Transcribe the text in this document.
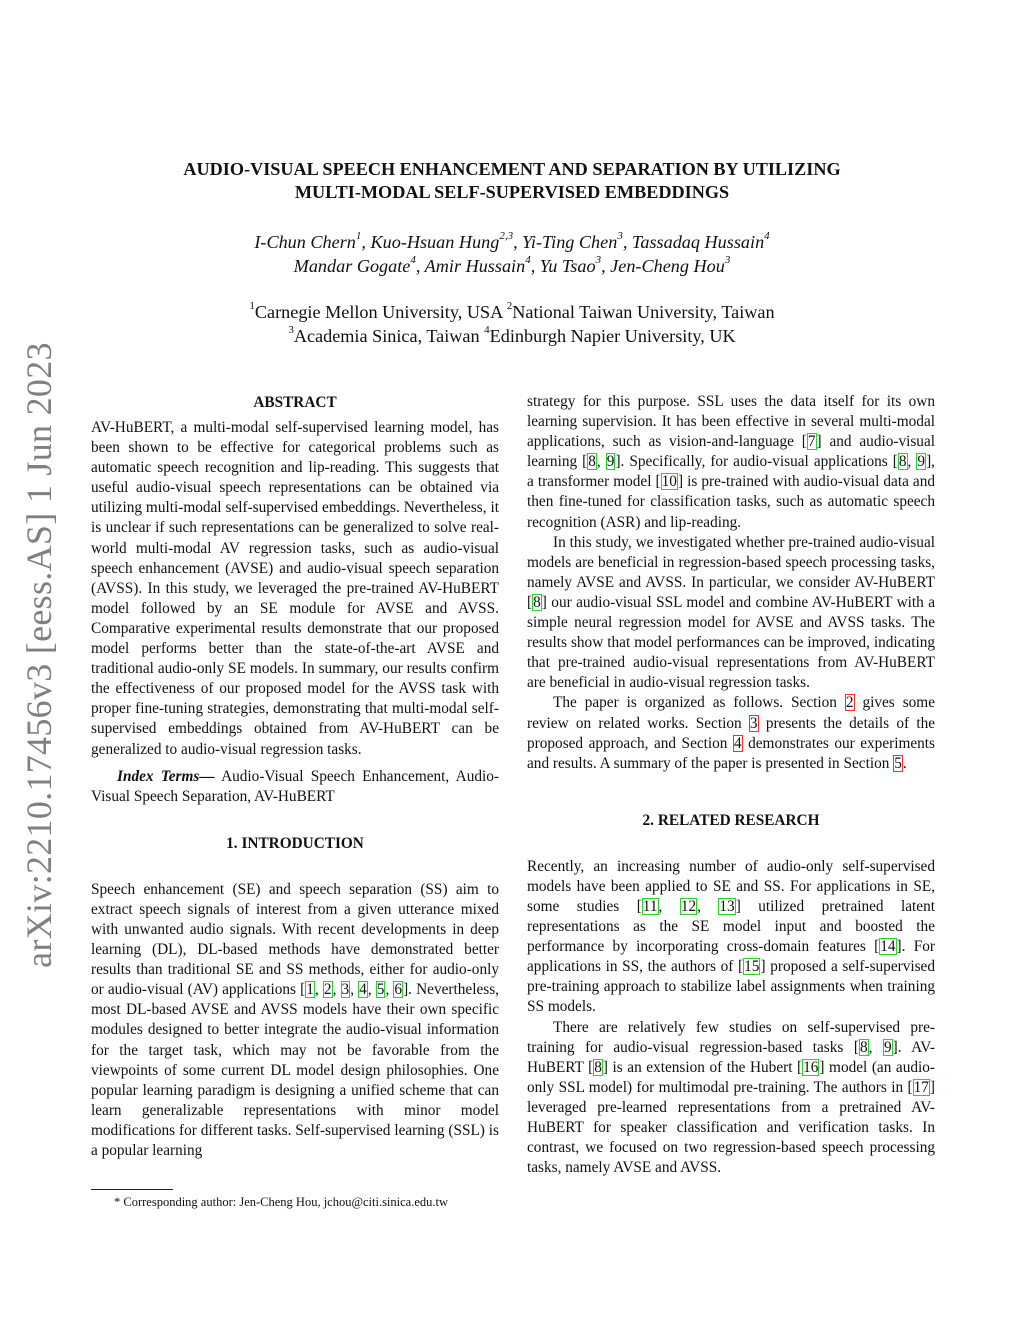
arXiv:2210.17456v3 [eess.AS] 1 Jun 2023
AUDIO-VISUAL SPEECH ENHANCEMENT AND SEPARATION BY UTILIZING
MULTI-MODAL SELF-SUPERVISED EMBEDDINGS
I-Chun Chern$^1$, Kuo-Hsuan Hung$^{2,3}$, Yi-Ting Chen$^3$, Tassadaq Hussain$^4$
Mandar Gogate$^4$, Amir Hussain$^4$, Yu Tsao$^3$, Jen-Cheng Hou$^3$
$^1$Carnegie Mellon University, USA $^2$National Taiwan University, Taiwan
$^3$Academia Sinica, Taiwan $^4$Edinburgh Napier University, UK
ABSTRACT

AV-HuBERT, a multi-modal self-supervised learning model, has been shown to be effective for categorical problems such as automatic speech recognition and lip-reading. This suggests that useful audio-visual speech representations can be obtained via utilizing multi-modal self-supervised embeddings. Nevertheless, it is unclear if such representations can be generalized to solve real-world multi-modal AV regression tasks, such as audio-visual speech enhancement (AVSE) and audio-visual speech separation (AVSS). In this study, we leveraged the pre-trained AV-HuBERT model followed by an SE module for AVSE and AVSS. Comparative experimental results demonstrate that our proposed model performs better than the state-of-the-art AVSE and traditional audio-only SE models. In summary, our results confirm the effectiveness of our proposed model for the AVSS task with proper fine-tuning strategies, demonstrating that multi-modal self-supervised embeddings obtained from AV-HuBERT can be generalized to audio-visual regression tasks.

Index Terms— Audio-Visual Speech Enhancement, Audio-Visual Speech Separation, AV-HuBERT

1. INTRODUCTION

Speech enhancement (SE) and speech separation (SS) aim to extract speech signals of interest from a given utterance mixed with unwanted audio signals. With recent developments in deep learning (DL), DL-based methods have demonstrated better results than traditional SE and SS methods, either for audio-only or audio-visual (AV) applications [1, 2, 3, 4, 5, 6]. Nevertheless, most DL-based AVSE and AVSS models have their own specific modules designed to better integrate the audio-visual information for the target task, which may not be favorable from the viewpoints of some current DL model design philosophies. One popular learning paradigm is designing a unified scheme that can learn generalizable representations with minor model modifications for different tasks. Self-supervised learning (SSL) is a popular learning

strategy for this purpose. SSL uses the data itself for its own learning supervision. It has been effective in several multi-modal applications, such as vision-and-language [7] and audio-visual learning [8, 9]. Specifically, for audio-visual applications [8, 9], a transformer model [10] is pre-trained with audio-visual data and then fine-tuned for classification tasks, such as automatic speech recognition (ASR) and lip-reading.

In this study, we investigated whether pre-trained audio-visual models are beneficial in regression-based speech processing tasks, namely AVSE and AVSS. In particular, we consider AV-HuBERT [8] our audio-visual SSL model and combine AV-HuBERT with a simple neural regression model for AVSE and AVSS tasks. The results show that model performances can be improved, indicating that pre-trained audio-visual representations from AV-HuBERT are beneficial in audio-visual regression tasks.

The paper is organized as follows. Section 2 gives some review on related works. Section 3 presents the details of the proposed approach, and Section 4 demonstrates our experiments and results. A summary of the paper is presented in Section 5.

2. RELATED RESEARCH

Recently, an increasing number of audio-only self-supervised models have been applied to SE and SS. For applications in SE, some studies [11, 12, 13] utilized pretrained latent representations as the SE model input and boosted the performance by incorporating cross-domain features [14]. For applications in SS, the authors of [15] proposed a self-supervised pre-training approach to stabilize label assignments when training SS models.

There are relatively few studies on self-supervised pre-training for audio-visual regression-based tasks [8, 9]. AV-HuBERT [8] is an extension of the Hubert [16] model (an audio-only SSL model) for multimodal pre-training. The authors in [17] leveraged pre-learned representations from a pretrained AV-HuBERT for speaker classification and verification tasks. In contrast, we focused on two regression-based speech processing tasks, namely AVSE and AVSS.

* Corresponding author: Jen-Cheng Hou, jchou@citi.sinica.edu.tw
